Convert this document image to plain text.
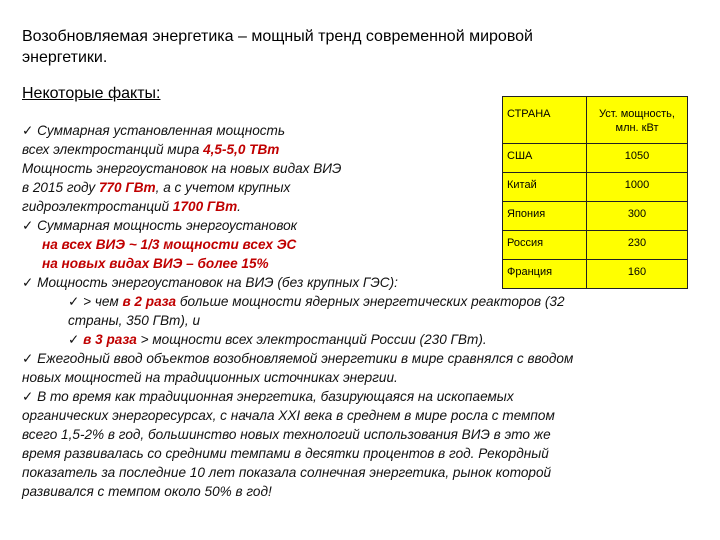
Возобновляемая энергетика – мощный тренд современной мировой
энергетики.
Некоторые факты:
СТРАНА	Уст. мощность,
млн. кВт
США	1050
Китай	1000
Япония	300
Россия	230
Франция	160
✓ Суммарная установленная мощность
всех электростанций мира 4,5-5,0 ТВт
Мощность энергоустановок на новых видах ВИЭ
в 2015 году 770 ГВт, а с учетом крупных
гидроэлектростанций 1700 ГВт.
✓ Суммарная мощность энергоустановок
на всех ВИЭ ~ 1/3 мощности всех ЭС
на новых видах ВИЭ – более 15%
✓ Мощность энергоустановок на ВИЭ (без крупных ГЭС):
✓ > чем в 2 раза больше мощности ядерных энергетических реакторов (32
страны, 350 ГВт), и
✓ в 3 раза > мощности всех электростанций России (230 ГВт).
✓ Ежегодный ввод объектов возобновляемой энергетики в мире сравнялся с вводом
новых мощностей на традиционных источниках энергии.
✓ В то время как традиционная энергетика, базирующаяся на ископаемых
органических энергоресурсах, с начала XXI века в среднем в мире росла с темпом
всего 1,5-2% в год, большинство новых технологий использования ВИЭ в это же
время развивалась со средними темпами в десятки процентов в год. Рекордный
показатель за последние 10 лет показала солнечная энергетика, рынок которой
развивался с темпом около 50% в год!
